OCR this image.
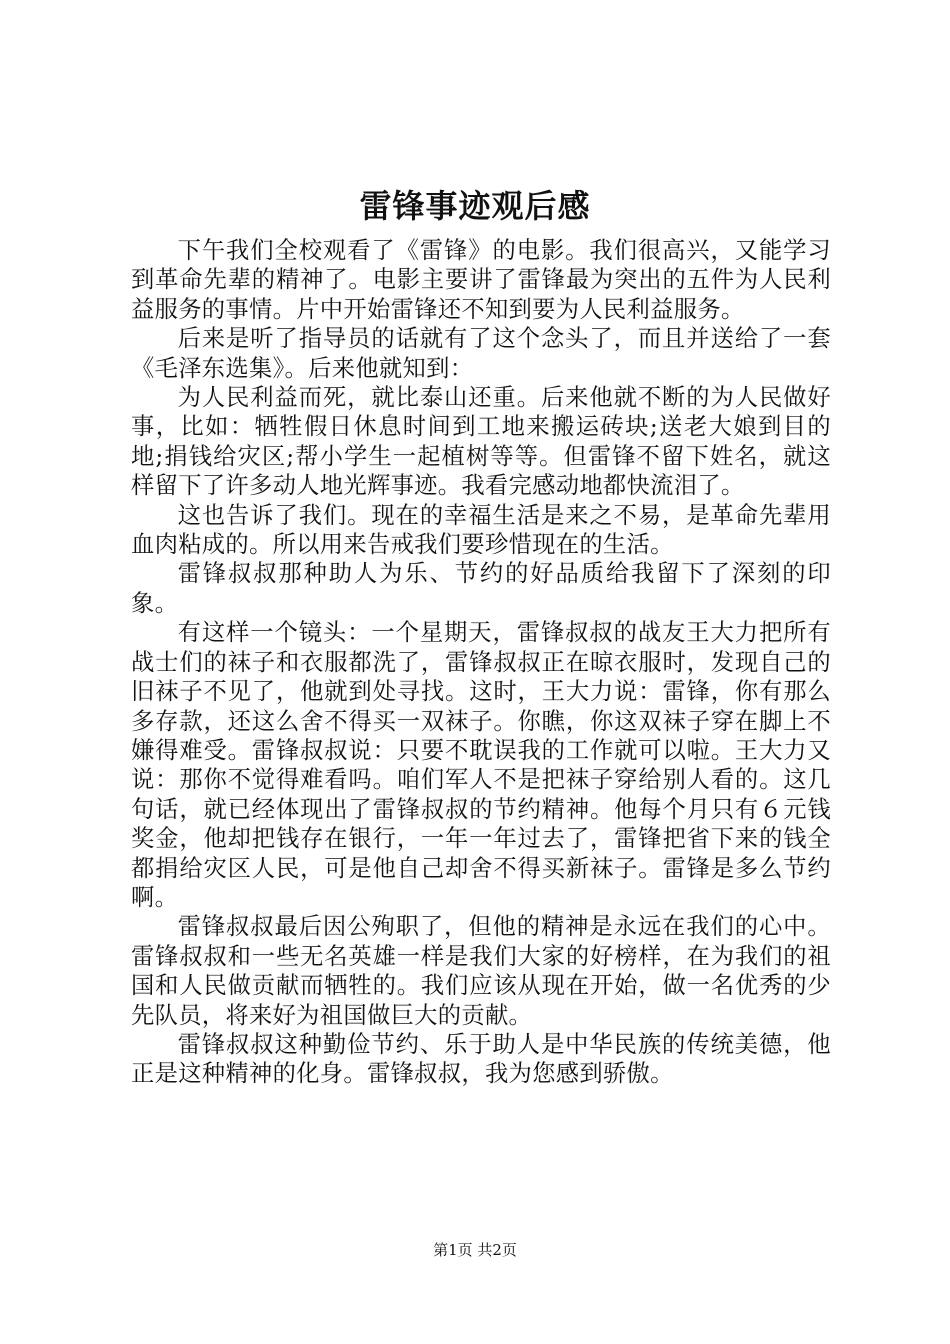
雷锋事迹观后感

下午我们全校观看了《雷锋》的电影。我们很高兴，又能学习到革命先辈的精神了。电影主要讲了雷锋最为突出的五件为人民利益服务的事情。片中开始雷锋还不知到要为人民利益服务。

后来是听了指导员的话就有了这个念头了，而且并送给了一套《毛泽东选集》。后来他就知到：

为人民利益而死，就比泰山还重。后来他就不断的为人民做好事，比如：牺牲假日休息时间到工地来搬运砖块;送老大娘到目的地;捐钱给灾区;帮小学生一起植树等等。但雷锋不留下姓名，就这样留下了许多动人地光辉事迹。我看完感动地都快流泪了。

这也告诉了我们。现在的幸福生活是来之不易，是革命先辈用血肉粘成的。所以用来告戒我们要珍惜现在的生活。

雷锋叔叔那种助人为乐、节约的好品质给我留下了深刻的印象。

有这样一个镜头：一个星期天，雷锋叔叔的战友王大力把所有战士们的袜子和衣服都洗了，雷锋叔叔正在晾衣服时，发现自己的旧袜子不见了，他就到处寻找。这时，王大力说：雷锋，你有那么多存款，还这么舍不得买一双袜子。你瞧，你这双袜子穿在脚上不嫌得难受。雷锋叔叔说：只要不耽误我的工作就可以啦。王大力又说：那你不觉得难看吗。咱们军人不是把袜子穿给别人看的。这几句话，就已经体现出了雷锋叔叔的节约精神。他每个月只有６元钱奖金，他却把钱存在银行，一年一年过去了，雷锋把省下来的钱全都捐给灾区人民，可是他自己却舍不得买新袜子。雷锋是多么节约啊。

雷锋叔叔最后因公殉职了，但他的精神是永远在我们的心中。雷锋叔叔和一些无名英雄一样是我们大家的好榜样，在为我们的祖国和人民做贡献而牺牲的。我们应该从现在开始，做一名优秀的少先队员，将来好为祖国做巨大的贡献。

雷锋叔叔这种勤俭节约、乐于助人是中华民族的传统美德，他正是这种精神的化身。雷锋叔叔，我为您感到骄傲。

第1页 共2页
